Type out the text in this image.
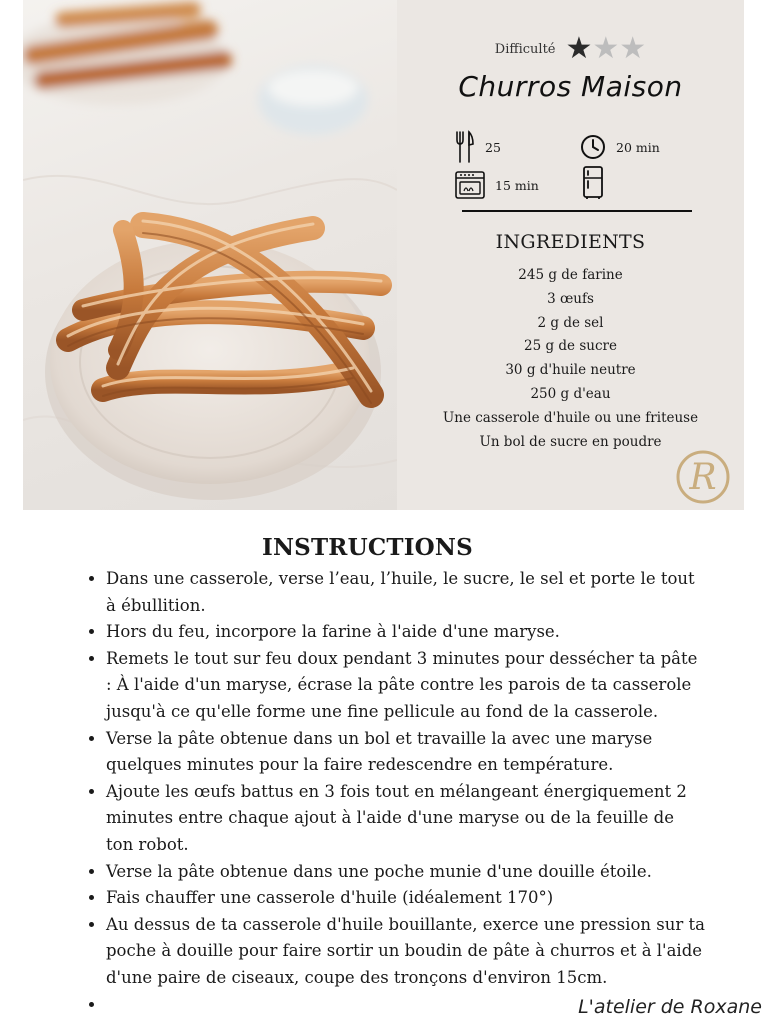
Difficulté ★★★
Churros Maison
25	20 min
15 min
INGREDIENTS
245 g de farine
3 œufs
2 g de sel
25 g de sucre
30 g d'huile neutre
250 g d'eau
Une casserole d'huile ou une friteuse
Un bol de sucre en poudre
R
INSTRUCTIONS
• Dans une casserole, verse l’eau, l’huile, le sucre, le sel et porte le tout à ébullition.
• Hors du feu, incorpore la farine à l'aide d'une maryse.
• Remets le tout sur feu doux pendant 3 minutes pour dessécher ta pâte : À l'aide d'un maryse, écrase la pâte contre les parois de ta casserole jusqu'à ce qu'elle forme une fine pellicule au fond de la casserole.
• Verse la pâte obtenue dans un bol et travaille la avec une maryse quelques minutes pour la faire redescendre en température.
• Ajoute les œufs battus en 3 fois tout en mélangeant énergiquement 2 minutes entre chaque ajout à l'aide d'une maryse ou de la feuille de ton robot.
• Verse la pâte obtenue dans une poche munie d'une douille étoile.
• Fais chauffer une casserole d'huile (idéalement 170°)
• Au dessus de ta casserole d'huile bouillante, exerce une pression sur ta poche à douille pour faire sortir un boudin de pâte à churros et à l'aide d'une paire de ciseaux, coupe des tronçons d'environ 15cm.
•
L'atelier de Roxane
